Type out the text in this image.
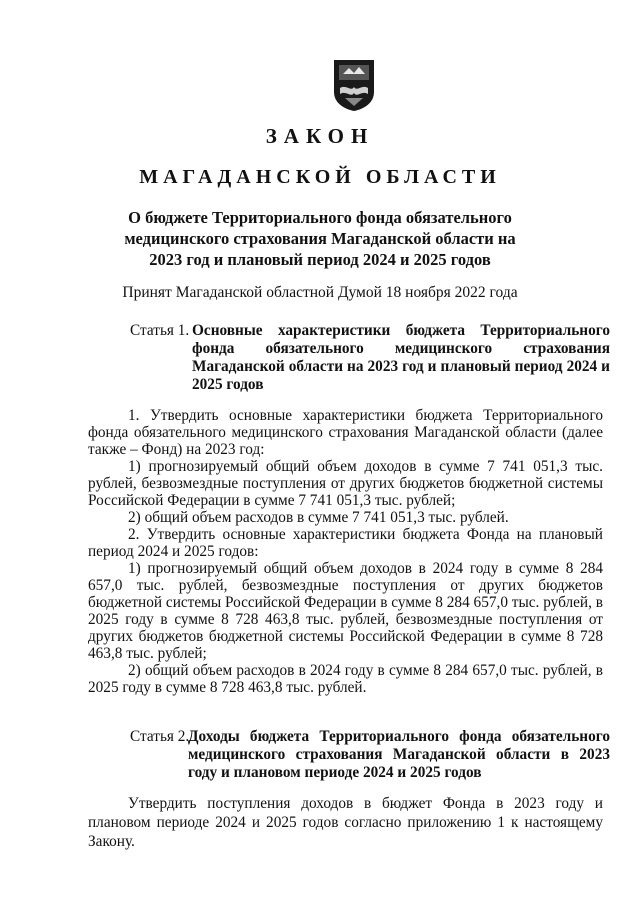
ЗАКОН
МАГАДАНСКОЙ ОБЛАСТИ
О бюджете Территориального фонда обязательного медицинского страхования Магаданской области на 2023 год и плановый период 2024 и 2025 годов
Принят Магаданской областной Думой 18 ноября 2022 года
Статья 1. Основные характеристики бюджета Территориального фонда обязательного медицинского страхования Магаданской области на 2023 год и плановый период 2024 и 2025 годов

1. Утвердить основные характеристики бюджета Территориального фонда обязательного медицинского страхования Магаданской области (далее также – Фонд) на 2023 год:

1) прогнозируемый общий объем доходов в сумме 7 741 051,3 тыс. рублей, безвозмездные поступления от других бюджетов бюджетной системы Российской Федерации в сумме 7 741 051,3 тыс. рублей;

2) общий объем расходов в сумме 7 741 051,3 тыс. рублей.

2. Утвердить основные характеристики бюджета Фонда на плановый период 2024 и 2025 годов:

1) прогнозируемый общий объем доходов в 2024 году в сумме 8 284 657,0 тыс. рублей, безвозмездные поступления от других бюджетов бюджетной системы Российской Федерации в сумме 8 284 657,0 тыс. рублей, в 2025 году в сумме 8 728 463,8 тыс. рублей, безвозмездные поступления от других бюджетов бюджетной системы Российской Федерации в сумме 8 728 463,8 тыс. рублей;

2) общий объем расходов в 2024 году в сумме 8 284 657,0 тыс. рублей, в 2025 году в сумме 8 728 463,8 тыс. рублей.

Статья 2.
Доходы бюджета Территориального фонда обязательного медицинского страхования Магаданской области в 2023 году и плановом периоде 2024 и 2025 годов

Утвердить поступления доходов в бюджет Фонда в 2023 году и плановом периоде 2024 и 2025 годов согласно приложению 1 к настоящему Закону.
